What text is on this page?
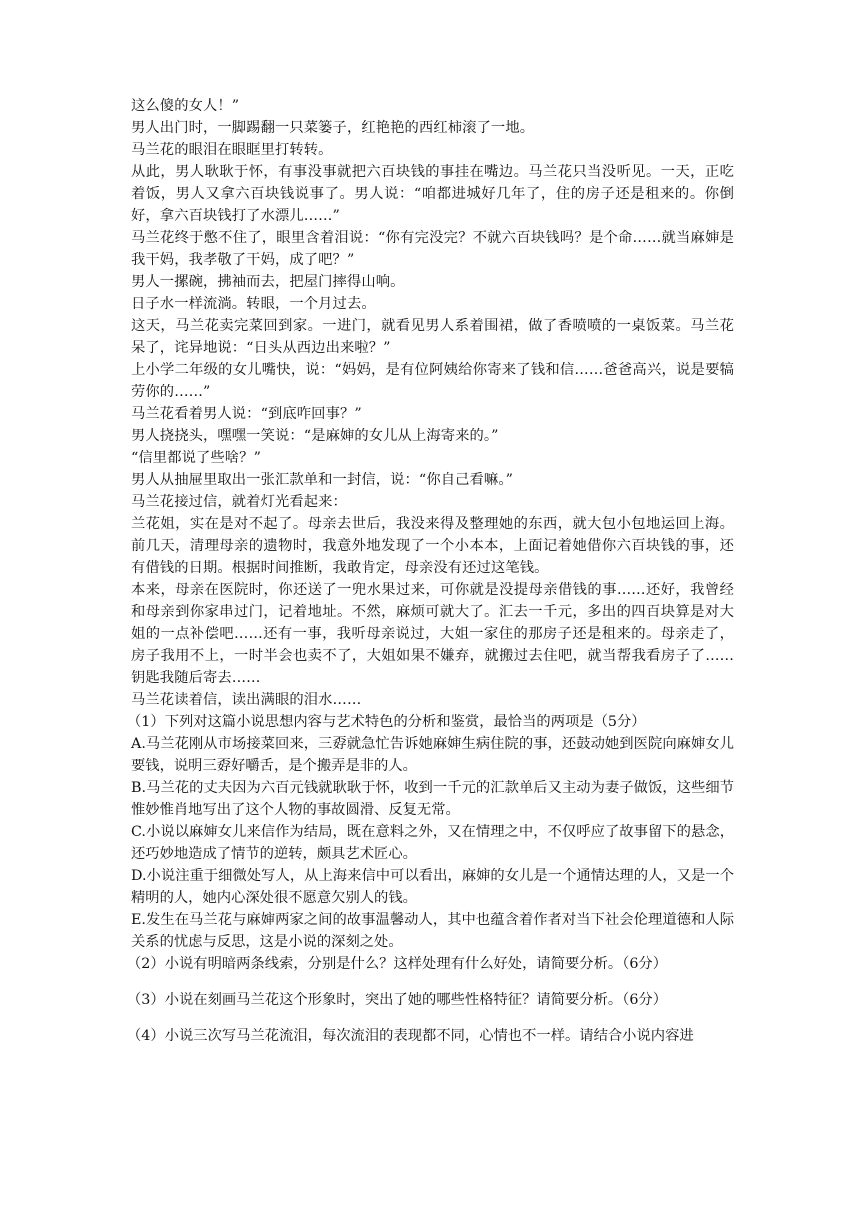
这么傻的女人！”

男人出门时，一脚踢翻一只菜篓子，红艳艳的西红柿滚了一地。

马兰花的眼泪在眼眶里打转转。

从此，男人耿耿于怀，有事没事就把六百块钱的事挂在嘴边。马兰花只当没听见。一天，正吃着饭，男人又拿六百块钱说事了。男人说：“咱都进城好几年了，住的房子还是租来的。你倒好，拿六百块钱打了水漂儿……”

马兰花终于憋不住了，眼里含着泪说：“你有完没完？不就六百块钱吗？是个命……就当麻婶是我干妈，我孝敬了干妈，成了吧？”

男人一摞碗，拂袖而去，把屋门摔得山响。

日子水一样流淌。转眼，一个月过去。

这天，马兰花卖完菜回到家。一进门，就看见男人系着围裙，做了香喷喷的一桌饭菜。马兰花呆了，诧异地说：“日头从西边出来啦？”

上小学二年级的女儿嘴快，说：“妈妈，是有位阿姨给你寄来了钱和信……爸爸高兴，说是要犒劳你的……”

马兰花看着男人说：“到底咋回事？”

男人挠挠头，嘿嘿一笑说：“是麻婶的女儿从上海寄来的。”

“信里都说了些啥？”

男人从抽屉里取出一张汇款单和一封信，说：“你自己看嘛。”

马兰花接过信，就着灯光看起来：

兰花姐，实在是对不起了。母亲去世后，我没来得及整理她的东西，就大包小包地运回上海。前几天，清理母亲的遗物时，我意外地发现了一个小本本，上面记着她借你六百块钱的事，还有借钱的日期。根据时间推断，我敢肯定，母亲没有还过这笔钱。

本来，母亲在医院时，你还送了一兜水果过来，可你就是没提母亲借钱的事……还好，我曾经和母亲到你家串过门，记着地址。不然，麻烦可就大了。汇去一千元，多出的四百块算是对大姐的一点补偿吧……还有一事，我听母亲说过，大姐一家住的那房子还是租来的。母亲走了，房子我用不上，一时半会也卖不了，大姐如果不嫌弃，就搬过去住吧，就当帮我看房子了……钥匙我随后寄去……

马兰花读着信，读出满眼的泪水……

（1）下列对这篇小说思想内容与艺术特色的分析和鉴赏，最恰当的两项是（5分）

A.马兰花刚从市场接菜回来，三孬就急忙告诉她麻婶生病住院的事，还鼓动她到医院向麻婶女儿要钱，说明三孬好嚼舌，是个搬弄是非的人。

B.马兰花的丈夫因为六百元钱就耿耿于怀，收到一千元的汇款单后又主动为妻子做饭，这些细节惟妙惟肖地写出了这个人物的事故圆滑、反复无常。

C.小说以麻婶女儿来信作为结局，既在意料之外，又在情理之中，不仅呼应了故事留下的悬念，还巧妙地造成了情节的逆转，颇具艺术匠心。

D.小说注重于细微处写人，从上海来信中可以看出，麻婶的女儿是一个通情达理的人，又是一个精明的人，她内心深处很不愿意欠别人的钱。

E.发生在马兰花与麻婶两家之间的故事温馨动人，其中也蕴含着作者对当下社会伦理道德和人际关系的忧虑与反思，这是小说的深刻之处。

（2）小说有明暗两条线索，分别是什么？这样处理有什么好处，请简要分析。（6分）

（3）小说在刻画马兰花这个形象时，突出了她的哪些性格特征？请简要分析。（6分）

（4）小说三次写马兰花流泪，每次流泪的表现都不同，心情也不一样。请结合小说内容进
